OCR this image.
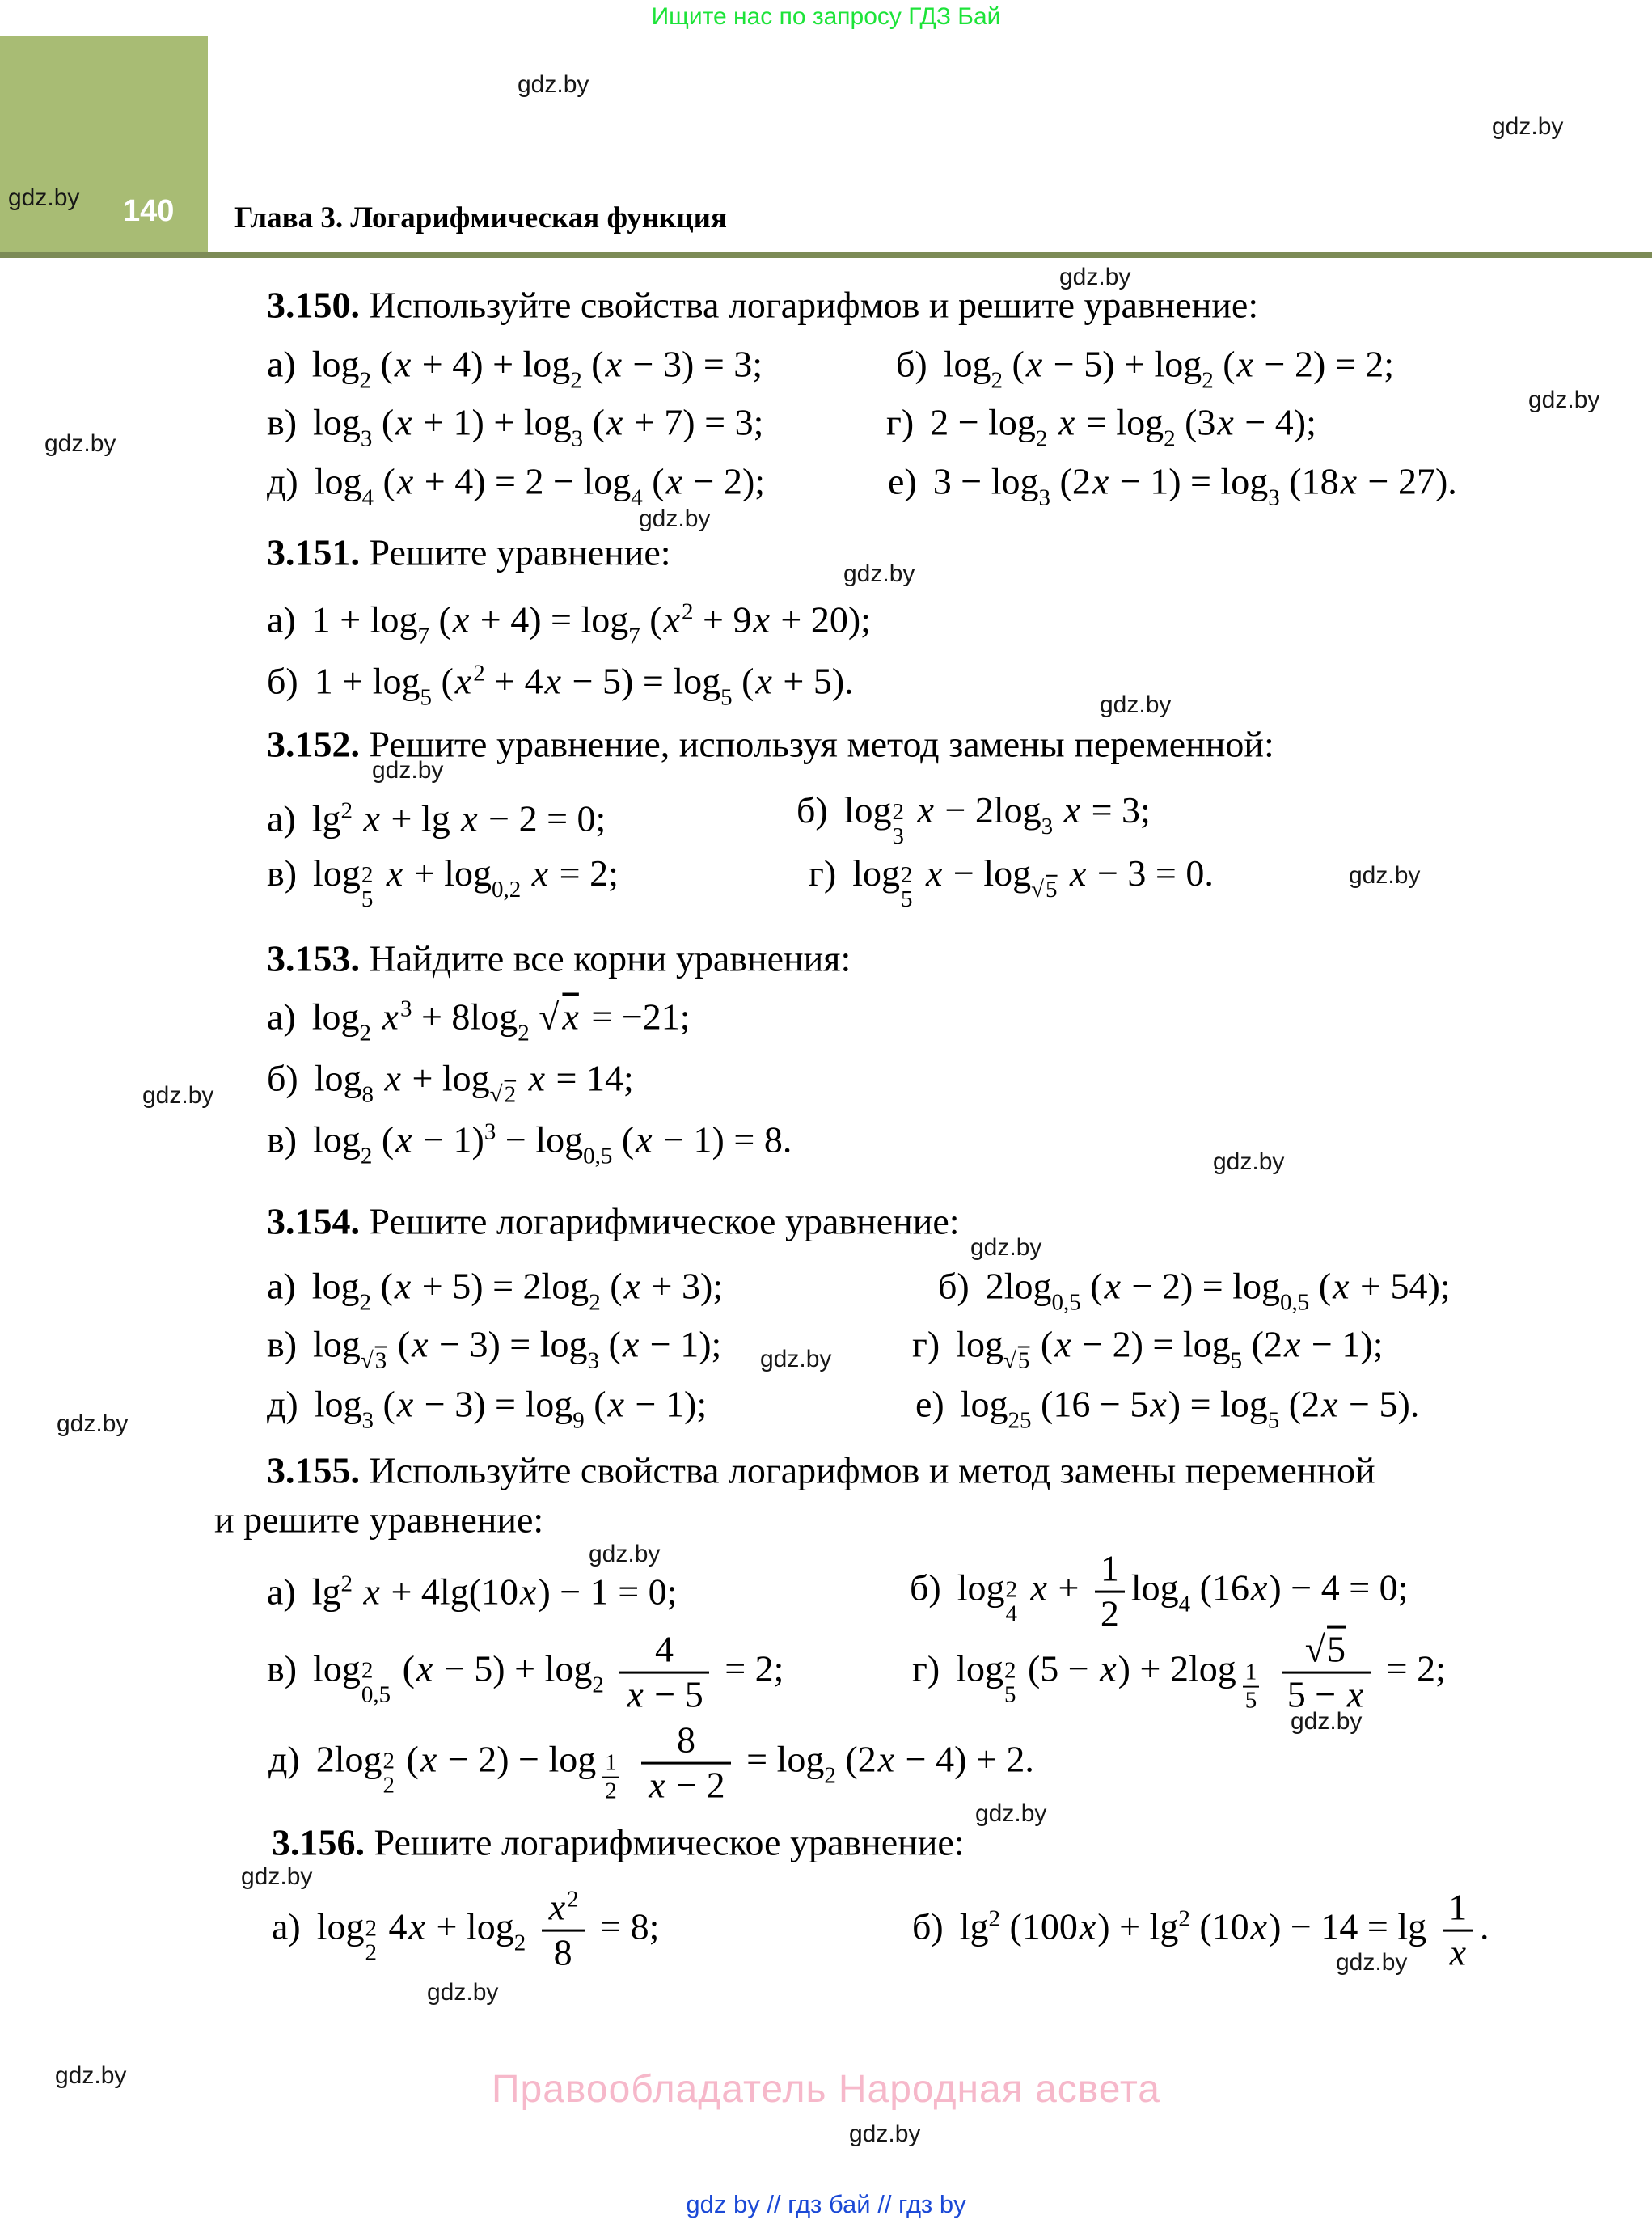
Ищите нас по запросу ГДЗ Бай
140 Глава 3. Логарифмическая функция
3.150. Используйте свойства логарифмов и решите уравнение:
а) $\log_2 (x + 4) + \log_2 (x - 3) = 3$;	б) $\log_2 (x - 5) + \log_2 (x - 2) = 2$;
в) $\log_3 (x + 1) + \log_3 (x + 7) = 3$;	г) $2 - \log_2 x = \log_2 (3x - 4)$;
д) $\log_4 (x + 4) = 2 - \log_4 (x - 2)$;	е) $3 - \log_3 (2x - 1) = \log_3 (18x - 27)$.
3.151. Решите уравнение:
а) $1 + \log_7 (x + 4) = \log_7 (x^2 + 9x + 20)$;
б) $1 + \log_5 (x^2 + 4x - 5) = \log_5 (x + 5)$.
3.152. Решите уравнение, используя метод замены переменной:
а) $\lg^2 x + \lg x - 2 = 0$;	б) log 2
3
$x - 2\log_3$ x = 3;
в) log 2
5
$x + \log_{0,2} x = 2$;	г) log 2
5
$x - \log_{√5} x - 3 = 0$.
3.153. Найдите все корни уравнения:
а) $\log_2 x^3 + 8\log_2$ √x = −21;
б) $\log_8 x + \log_{√2} x = 14$;
в) $\log_2 (x - 1)^3 - \log_{0,5} (x - 1) = 8$.
3.154. Решите логарифмическое уравнение:
а) $\log_2 (x + 5) = 2\log_2$ (x + 3);	б) $2\log_{0,5}$ $(x - 2) = \log_{0,5} (x + 54)$;
в) $\log_{√3} (x - 3) = \log_3 (x - 1)$;	г) $\log_{√5} (x - 2) = \log_5 (2x - 1)$;
д) $\log_3 (x - 3) = \log_9 (x - 1)$;	е) $\log_{25} (16 - 5x) = \log_5 (2x - 5)$.
3.155. Используйте свойства логарифмов и метод замены переменной
и решите уравнение:
а) $\lg^2 x + 4\lg(10x) - 1 = 0$;	б) log 2
4
$x + \frac{1}{2} \log_4 (16x) - 4 = 0$;
в) log 2
0,5
$(x - 5) + \log_2 \frac{4}{x - 5} = 2$;	г) log 2
5
(5 − x) + 2log $_{\frac{1}{5}}$
$\frac{√5}{5 - x} = 2$;
д) 2log 2
2
(x − 2) − log $_{\frac{1}{2}}$
$\frac{8}{x - 2} = \log_2 (2x - 4) + 2$.
3.156. Решите логарифмическое уравнение:
а) log 2
2
$4x + \log_2 \frac{x^2}{8} = 8$;	б) $\lg^2 (100x) + \lg^2 (10x) - 14 = \lg \frac{1}{x}$ .
Правообладатель Народная асвета
gdz by // гдз бай // гдз by
gdz.by
gdz.by
gdz.by
gdz.by
gdz.by
gdz.by
gdz.by
gdz.by
gdz.by
gdz.by
gdz.by
gdz.by
gdz.by
gdz.by
gdz.by
gdz.by
gdz.by
gdz.by
gdz.by
gdz.by
gdz.by
gdz.by
gdz.by
gdz.by
